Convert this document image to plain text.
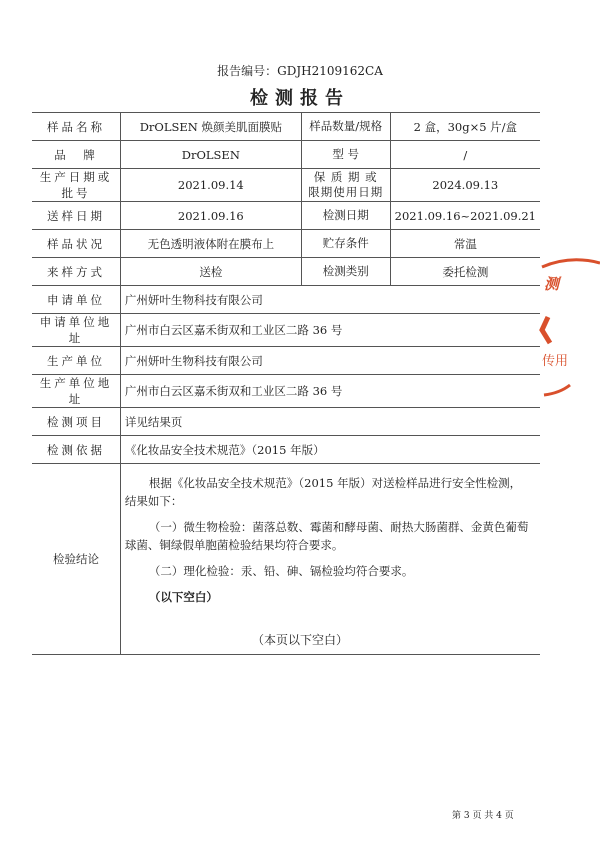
报告编号：GDJH2109162CA
检测报告
样品名称	DrOLSEN 焕颜美肌面膜贴	样品数量/规格	2 盒，30g×5 片/盒
品　牌	DrOLSEN	型 号	/
生产日期或批号	2021.09.14	保 质 期 或 限期使用日期	2024.09.13
送样日期	2021.09.16	检测日期	2021.09.16~2021.09.21
样品状况	无色透明液体附在膜布上	贮存条件	常温
来样方式	送检	检测类别	委托检测
申请单位	广州妍叶生物科技有限公司		
申请单位地址	广州市白云区嘉禾街双和工业区二路 36 号		
生产单位	广州妍叶生物科技有限公司		
生产单位地址	广州市白云区嘉禾街双和工业区二路 36 号		
检测项目	详见结果页		
检测依据	《化妆品安全技术规范》（2015 年版）		
检验结论	根据《化妆品安全技术规范》（2015 年版）对送检样品进行安全性检测，结果如下：

（一）微生物检验：菌落总数、霉菌和酵母菌、耐热大肠菌群、金黄色葡萄球菌、铜绿假单胞菌检验结果均符合要求。

（二）理化检验：汞、铅、砷、镉检验均符合要求。

（以下空白）		

（本页以下空白）
第 3 页 共 4 页
测
传用
